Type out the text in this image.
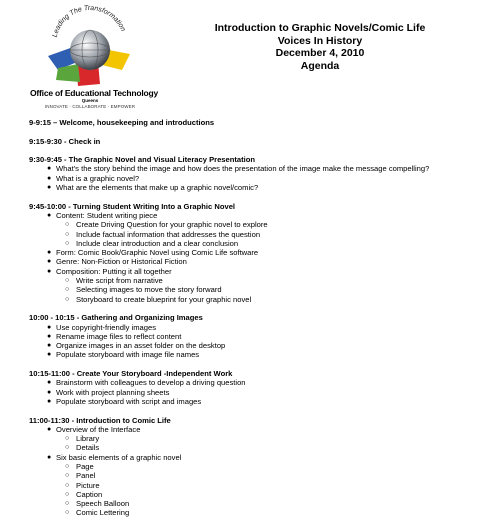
Leading The Transformation
Office of Educational Technology
Queens
INNOVATE · COLLABORATE · EMPOWER
Introduction to Graphic Novels/Comic Life
Voices In History
December 4, 2010
Agenda
9-9:15 – Welcome, housekeeping and introductions
9:15-9:30 - Check in
9:30-9:45 - The Graphic Novel and Visual Literacy Presentation
● What's the story behind the image and how does the presentation of the image make the message compelling?
● What is a graphic novel?
● What are the elements that make up a graphic novel/comic?
9:45-10:00 - Turning Student Writing Into a Graphic Novel
● Content: Student writing piece
○ Create Driving Question for your graphic novel to explore
○ Include factual information that addresses the question
○ Include clear introduction and a clear conclusion
● Form: Comic Book/Graphic Novel using Comic Life software
● Genre: Non-Fiction or Historical Fiction
● Composition: Putting it all together
○ Write script from narrative
○ Selecting images to move the story forward
○ Storyboard to create blueprint for your graphic novel
10:00 - 10:15 - Gathering and Organizing Images
● Use copyright-friendly images
● Rename image files to reflect content
● Organize images in an asset folder on the desktop
● Populate storyboard with image file names
10:15-11:00 - Create Your Storyboard -Independent Work
● Brainstorm with colleagues to develop a driving question
● Work with project planning sheets
● Populate storyboard with script and images
11:00-11:30 - Introduction to Comic Life
● Overview of the Interface
○ Library
○ Details
● Six basic elements of a graphic novel
○ Page
○ Panel
○ Picture
○ Caption
○ Speech Balloon
○ Comic Lettering
